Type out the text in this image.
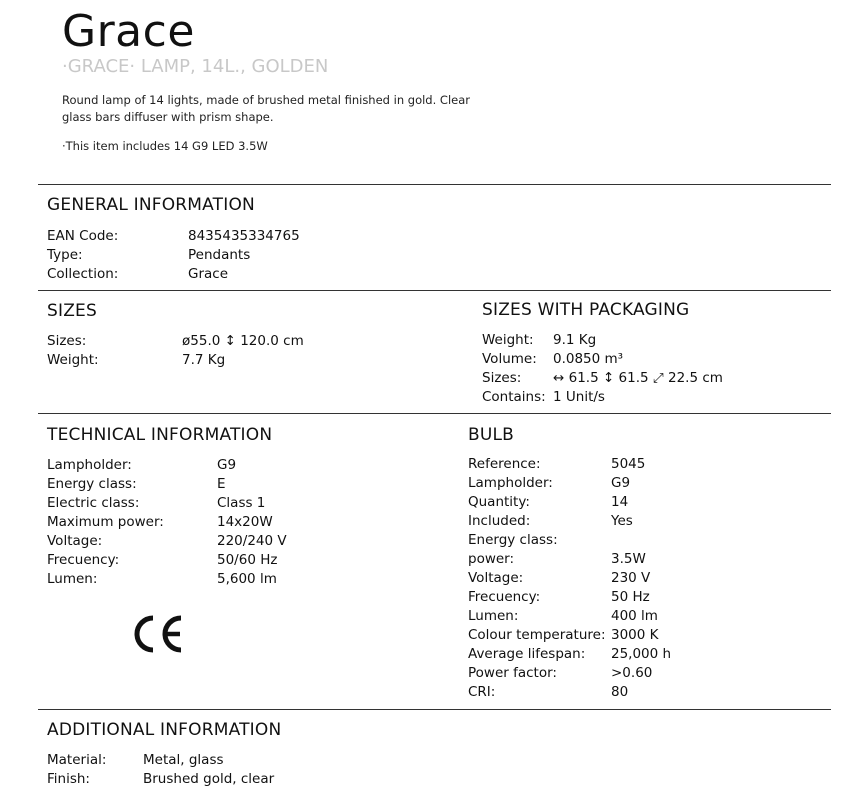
Grace
·GRACE· LAMP, 14L., GOLDEN
Round lamp of 14 lights, made of brushed metal finished in gold. Clear glass bars diffuser with prism shape.
·This item includes 14 G9 LED 3.5W
GENERAL INFORMATION
EAN Code:	8435435334765
Type:	Pendants
Collection:	Grace
SIZES
Sizes:	ø55.0 ↕ 120.0 cm
Weight:	7.7 Kg
SIZES WITH PACKAGING
Weight:	9.1 Kg
Volume:	0.0850 m³
Sizes:	↔ 61.5 ↕ 61.5 ⤢ 22.5 cm
Contains: 1 Unit/s
TECHNICAL INFORMATION
Lampholder:	G9
Energy class:	E
Electric class:	Class 1
Maximum power:	14x20W
Voltage:	220/240 V
Frecuency:	50/60 Hz
Lumen:	5,600 lm
BULB
Reference:	5045
Lampholder:	G9
Quantity:	14
Included:	Yes
Energy class:
power:	3.5W
Voltage:	230 V
Frecuency:	50 Hz
Lumen:	400 lm
Colour temperature: 3000 K
Average lifespan:	25,000 h
Power factor:	>0.60
CRI:	80
ADDITIONAL INFORMATION
Material:	Metal, glass
Finish:	Brushed gold, clear
